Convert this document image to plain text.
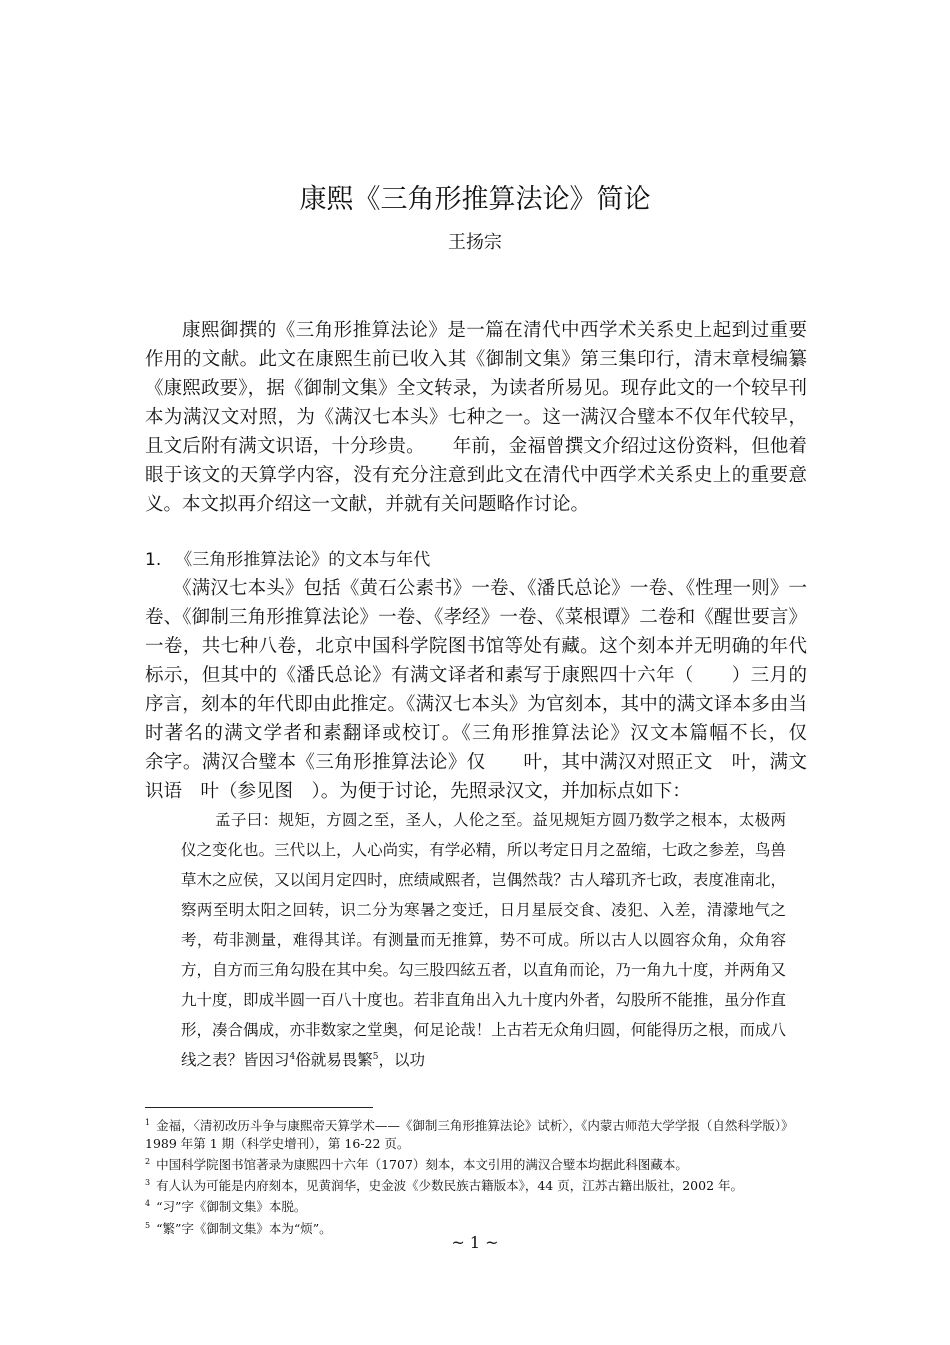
康熙《三角形推算法论》简论
王扬宗

康熙御撰的《三角形推算法论》是一篇在清代中西学术关系史上起到过重要作用的文献。此文在康熙生前已收入其《御制文集》第三集印行，清末章梫编纂《康熙政要》，据《御制文集》全文转录，为读者所易见。现存此文的一个较早刊本为满汉文对照，为《满汉七本头》七种之一。这一满汉合璧本不仅年代较早，且文后附有满文识语，十分珍贵。　　年前，金福曾撰文介绍过这份资料，但他着眼于该文的天算学内容，没有充分注意到此文在清代中西学术关系史上的重要意义。本文拟再介绍这一文献，并就有关问题略作讨论。

1. 《三角形推算法论》的文本与年代

《满汉七本头》包括《黄石公素书》一卷、《潘氏总论》一卷、《性理一则》一卷、《御制三角形推算法论》一卷、《孝经》一卷、《菜根谭》二卷和《醒世要言》一卷，共七种八卷，北京中国科学院图书馆等处有藏。这个刻本并无明确的年代标示，但其中的《潘氏总论》有满文译者和素写于康熙四十六年（　　）三月的序言，刻本的年代即由此推定。《满汉七本头》为官刻本，其中的满文译本多由当时著名的满文学者和素翻译或校订。《三角形推算法论》汉文本篇幅不长，仅　　余字。满汉合璧本《三角形推算法论》仅　　叶，其中满汉对照正文　叶，满文识语　叶（参见图　）。为便于讨论，先照录汉文，并加标点如下：

孟子曰：规矩，方圆之至，圣人，人伦之至。益见规矩方圆乃数学之根本，太极两仪之变化也。三代以上，人心尚实，有学必精，所以考定日月之盈缩，七政之参差，鸟兽草木之应侯，又以闰月定四时，庶绩咸熙者，岂偶然哉？古人璿玑齐七政，表度准南北，察两至明太阳之回转，识二分为寒暑之变迁，日月星辰交食、凌犯、入差，清濛地气之考，苟非测量，难得其详。有测量而无推算，势不可成。所以古人以圆容众角，众角容方，自方而三角勾股在其中矣。勾三股四絃五者，以直角而论，乃一角九十度，并两角又九十度，即成半圆一百八十度也。若非直角出入九十度内外者，勾股所不能推，虽分作直形，凑合偶成，亦非数家之堂奥，何足论哉！上古若无众角归圆，何能得历之根，而成八线之表？皆因习$^4$俗就易畏繁$^5$，以功

$^1$ 金福，〈清初改历斗争与康熙帝天算学术——《御制三角形推算法论》试析〉，《内蒙古师范大学学报（自然科学版）》1989 年第 1 期（科学史增刊），第 16-22 页。
$^2$ 中国科学院图书馆著录为康熙四十六年（1707）刻本，本文引用的满汉合璧本均据此科图藏本。
$^3$ 有人认为可能是内府刻本，见黄润华，史金波《少数民族古籍版本》，44 页，江苏古籍出版社，2002 年。
$^4$ “习”字《御制文集》本脱。
$^5$ “繁”字《御制文集》本为“烦”。
~ 1 ~
